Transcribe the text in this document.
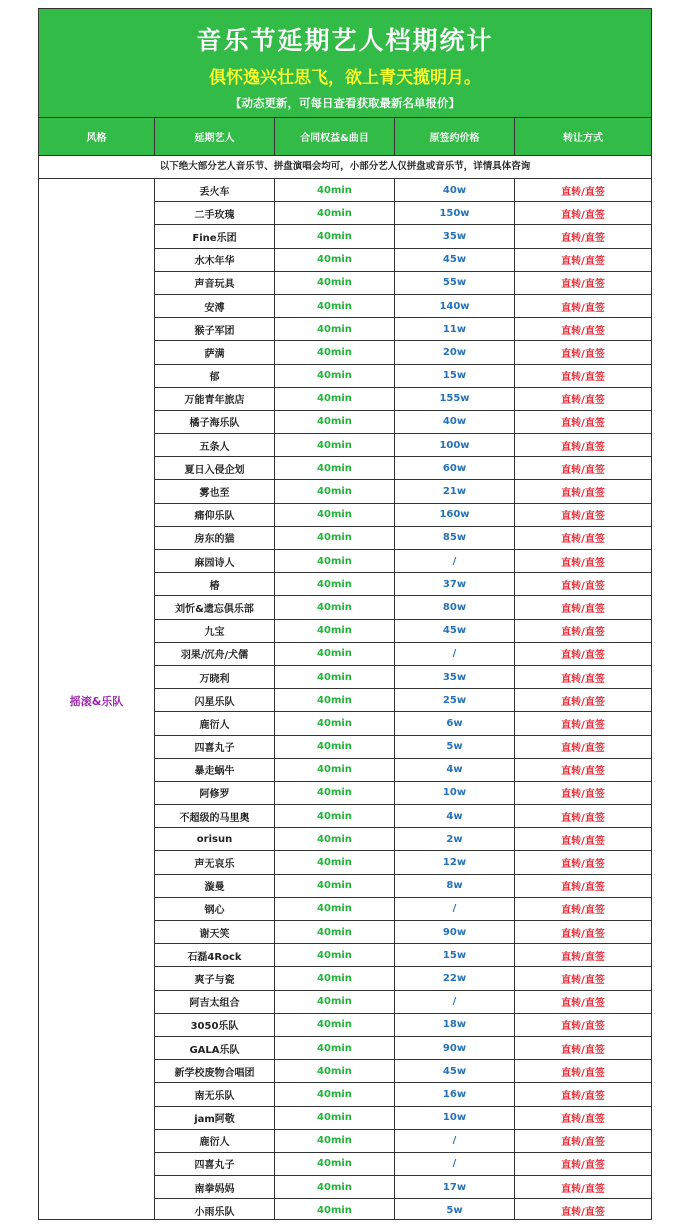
音乐节延期艺人档期统计
俱怀逸兴壮思飞，欲上青天揽明月。
【动态更新，可每日查看获取最新名单报价】
风格	延期艺人	合同权益&曲目	原签约价格	转让方式
以下绝大部分艺人音乐节、拼盘演唱会均可，小部分艺人仅拼盘或音乐节，详情具体咨询
摇滚&乐队
丢火车	40min	40w	直转/直签
二手玫瑰	40min	150w	直转/直签
Fine乐团	40min	35w	直转/直签
水木年华	40min	45w	直转/直签
声音玩具	40min	55w	直转/直签
安溥	40min	140w	直转/直签
猴子军团	40min	11w	直转/直签
萨满	40min	20w	直转/直签
郁	40min	15w	直转/直签
万能青年旅店	40min	155w	直转/直签
橘子海乐队	40min	40w	直转/直签
五条人	40min	100w	直转/直签
夏日入侵企划	40min	60w	直转/直签
雾也至	40min	21w	直转/直签
痛仰乐队	40min	160w	直转/直签
房东的猫	40min	85w	直转/直签
麻园诗人	40min	/	直转/直签
椿	40min	37w	直转/直签
刘忻&遗忘俱乐部	40min	80w	直转/直签
九宝	40min	45w	直转/直签
羽果/沉舟/犬儒	40min	/	直转/直签
万晓利	40min	35w	直转/直签
闪星乐队	40min	25w	直转/直签
鹿衍人	40min	6w	直转/直签
四喜丸子	40min	5w	直转/直签
暴走蜗牛	40min	4w	直转/直签
阿修罗	40min	10w	直转/直签
不超级的马里奥	40min	4w	直转/直签
orisun	40min	2w	直转/直签
声无哀乐	40min	12w	直转/直签
漩曼	40min	8w	直转/直签
钢心	40min	/	直转/直签
谢天笑	40min	90w	直转/直签
石磊4Rock	40min	15w	直转/直签
爽子与瓷	40min	22w	直转/直签
阿吉太组合	40min	/	直转/直签
3050乐队	40min	18w	直转/直签
GALA乐队	40min	90w	直转/直签
新学校废物合唱团	40min	45w	直转/直签
南无乐队	40min	16w	直转/直签
jam阿敬	40min	10w	直转/直签
鹿衍人	40min	/	直转/直签
四喜丸子	40min	/	直转/直签
南拳妈妈	40min	17w	直转/直签
小雨乐队	40min	5w	直转/直签
